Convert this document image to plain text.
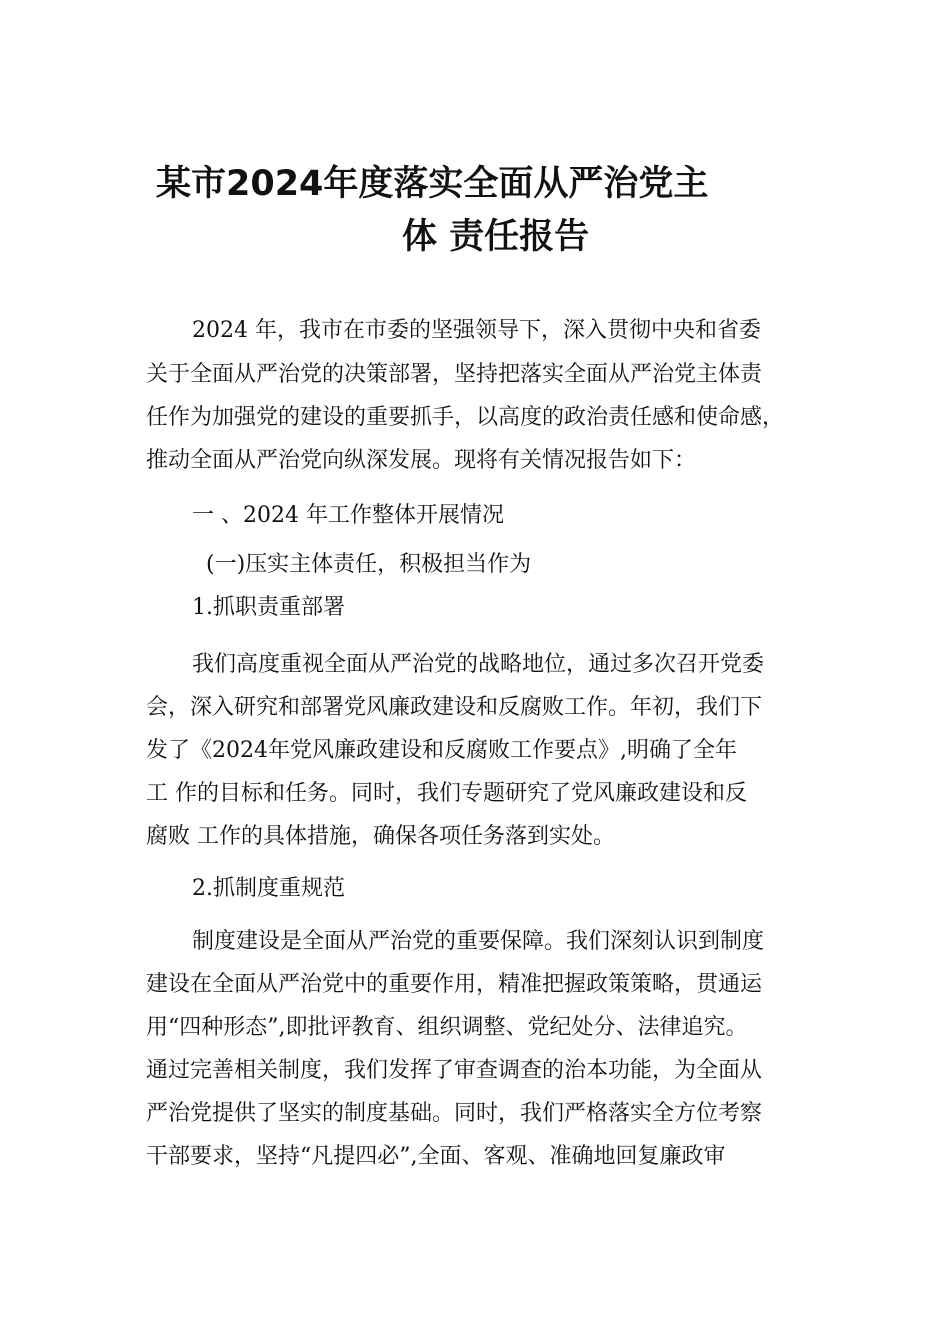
某市2024年度落实全面从严治党主
体 责任报告

2024 年，我市在市委的坚强领导下，深入贯彻中央和省委

关于全面从严治党的决策部署，坚持把落实全面从严治党主体责

任作为加强党的建设的重要抓手，以高度的政治责任感和使命感，

推动全面从严治党向纵深发展。现将有关情况报告如下：

一 、2024 年工作整体开展情况

(一)压实主体责任，积极担当作为

1.抓职责重部署

我们高度重视全面从严治党的战略地位，通过多次召开党委

会，深入研究和部署党风廉政建设和反腐败工作。年初，我们下

发了《2024年党风廉政建设和反腐败工作要点》,明确了全年

工 作的目标和任务。同时，我们专题研究了党风廉政建设和反

腐败 工作的具体措施，确保各项任务落到实处。

2.抓制度重规范

制度建设是全面从严治党的重要保障。我们深刻认识到制度

建设在全面从严治党中的重要作用，精准把握政策策略，贯通运

用“四种形态”,即批评教育、组织调整、党纪处分、法律追究。

通过完善相关制度，我们发挥了审查调查的治本功能，为全面从

严治党提供了坚实的制度基础。同时，我们严格落实全方位考察

干部要求，坚持“凡提四必”,全面、客观、准确地回复廉政审
